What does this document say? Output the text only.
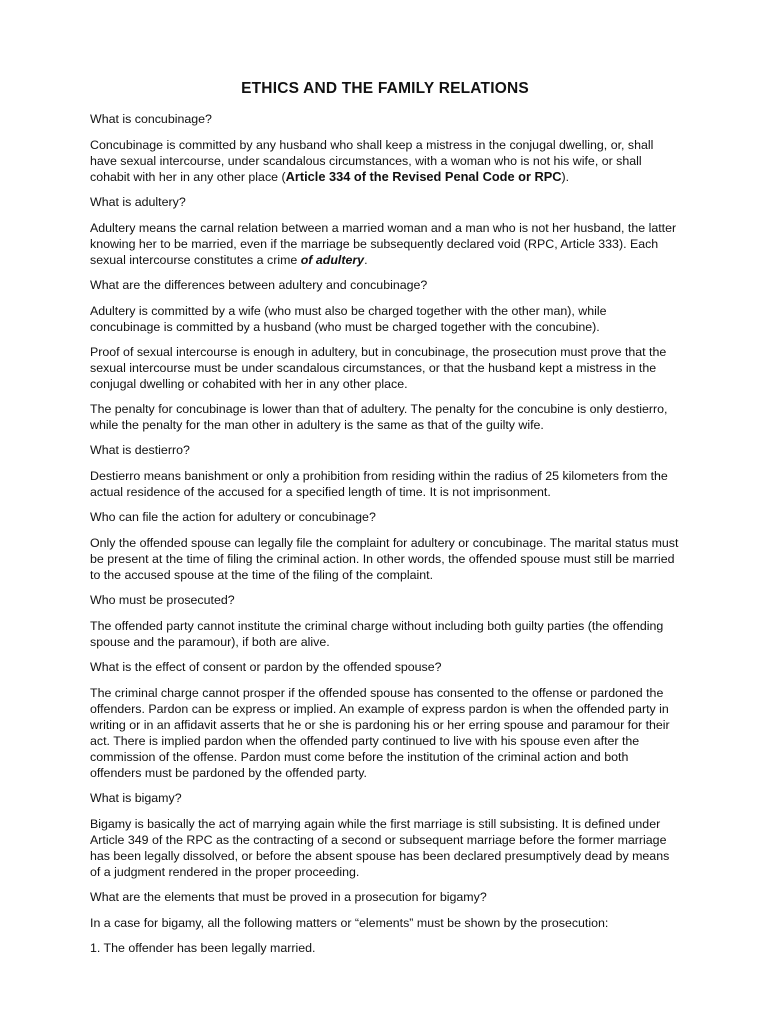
ETHICS AND THE FAMILY RELATIONS

What is concubinage?

Concubinage is committed by any husband who shall keep a mistress in the conjugal dwelling, or, shall have sexual intercourse, under scandalous circumstances, with a woman who is not his wife, or shall cohabit with her in any other place (Article 334 of the Revised Penal Code or RPC).

What is adultery?

Adultery means the carnal relation between a married woman and a man who is not her husband, the latter knowing her to be married, even if the marriage be subsequently declared void (RPC, Article 333). Each sexual intercourse constitutes a crime of adultery.

What are the differences between adultery and concubinage?

Adultery is committed by a wife (who must also be charged together with the other man), while concubinage is committed by a husband (who must be charged together with the concubine).

Proof of sexual intercourse is enough in adultery, but in concubinage, the prosecution must prove that the sexual intercourse must be under scandalous circumstances, or that the husband kept a mistress in the conjugal dwelling or cohabited with her in any other place.

The penalty for concubinage is lower than that of adultery. The penalty for the concubine is only destierro, while the penalty for the man other in adultery is the same as that of the guilty wife.

What is destierro?

Destierro means banishment or only a prohibition from residing within the radius of 25 kilometers from the actual residence of the accused for a specified length of time. It is not imprisonment.

Who can file the action for adultery or concubinage?

Only the offended spouse can legally file the complaint for adultery or concubinage. The marital status must be present at the time of filing the criminal action. In other words, the offended spouse must still be married to the accused spouse at the time of the filing of the complaint.

Who must be prosecuted?

The offended party cannot institute the criminal charge without including both guilty parties (the offending spouse and the paramour), if both are alive.

What is the effect of consent or pardon by the offended spouse?

The criminal charge cannot prosper if the offended spouse has consented to the offense or pardoned the offenders. Pardon can be express or implied. An example of express pardon is when the offended party in writing or in an affidavit asserts that he or she is pardoning his or her erring spouse and paramour for their act. There is implied pardon when the offended party continued to live with his spouse even after the commission of the offense. Pardon must come before the institution of the criminal action and both offenders must be pardoned by the offended party.

What is bigamy?

Bigamy is basically the act of marrying again while the first marriage is still subsisting. It is defined under Article 349 of the RPC as the contracting of a second or subsequent marriage before the former marriage has been legally dissolved, or before the absent spouse has been declared presumptively dead by means of a judgment rendered in the proper proceeding.

What are the elements that must be proved in a prosecution for bigamy?

In a case for bigamy, all the following matters or “elements” must be shown by the prosecution:

1. The offender has been legally married.
